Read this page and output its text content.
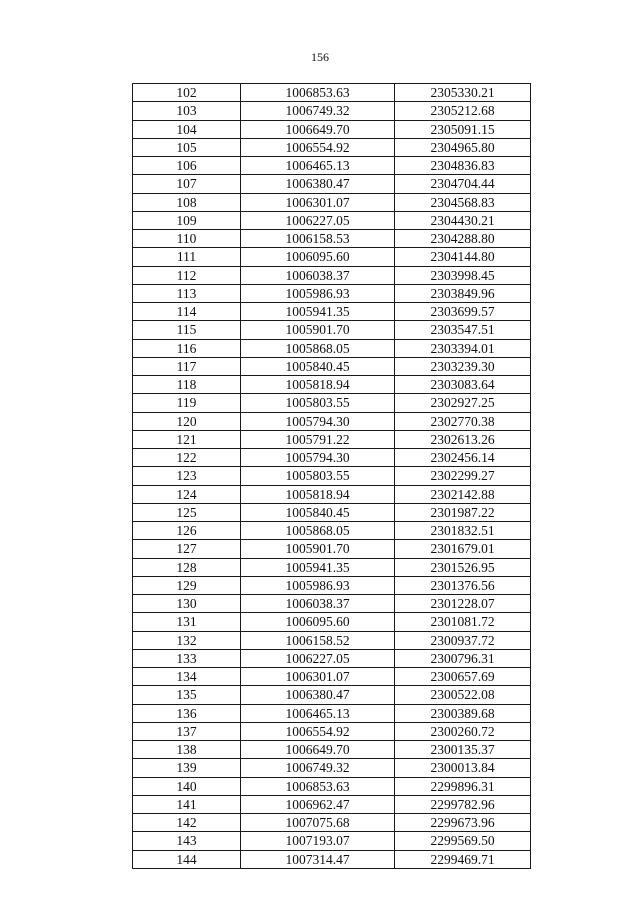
156
102	1006853.63	2305330.21
103	1006749.32	2305212.68
104	1006649.70	2305091.15
105	1006554.92	2304965.80
106	1006465.13	2304836.83
107	1006380.47	2304704.44
108	1006301.07	2304568.83
109	1006227.05	2304430.21
110	1006158.53	2304288.80
111	1006095.60	2304144.80
112	1006038.37	2303998.45
113	1005986.93	2303849.96
114	1005941.35	2303699.57
115	1005901.70	2303547.51
116	1005868.05	2303394.01
117	1005840.45	2303239.30
118	1005818.94	2303083.64
119	1005803.55	2302927.25
120	1005794.30	2302770.38
121	1005791.22	2302613.26
122	1005794.30	2302456.14
123	1005803.55	2302299.27
124	1005818.94	2302142.88
125	1005840.45	2301987.22
126	1005868.05	2301832.51
127	1005901.70	2301679.01
128	1005941.35	2301526.95
129	1005986.93	2301376.56
130	1006038.37	2301228.07
131	1006095.60	2301081.72
132	1006158.52	2300937.72
133	1006227.05	2300796.31
134	1006301.07	2300657.69
135	1006380.47	2300522.08
136	1006465.13	2300389.68
137	1006554.92	2300260.72
138	1006649.70	2300135.37
139	1006749.32	2300013.84
140	1006853.63	2299896.31
141	1006962.47	2299782.96
142	1007075.68	2299673.96
143	1007193.07	2299569.50
144	1007314.47	2299469.71
